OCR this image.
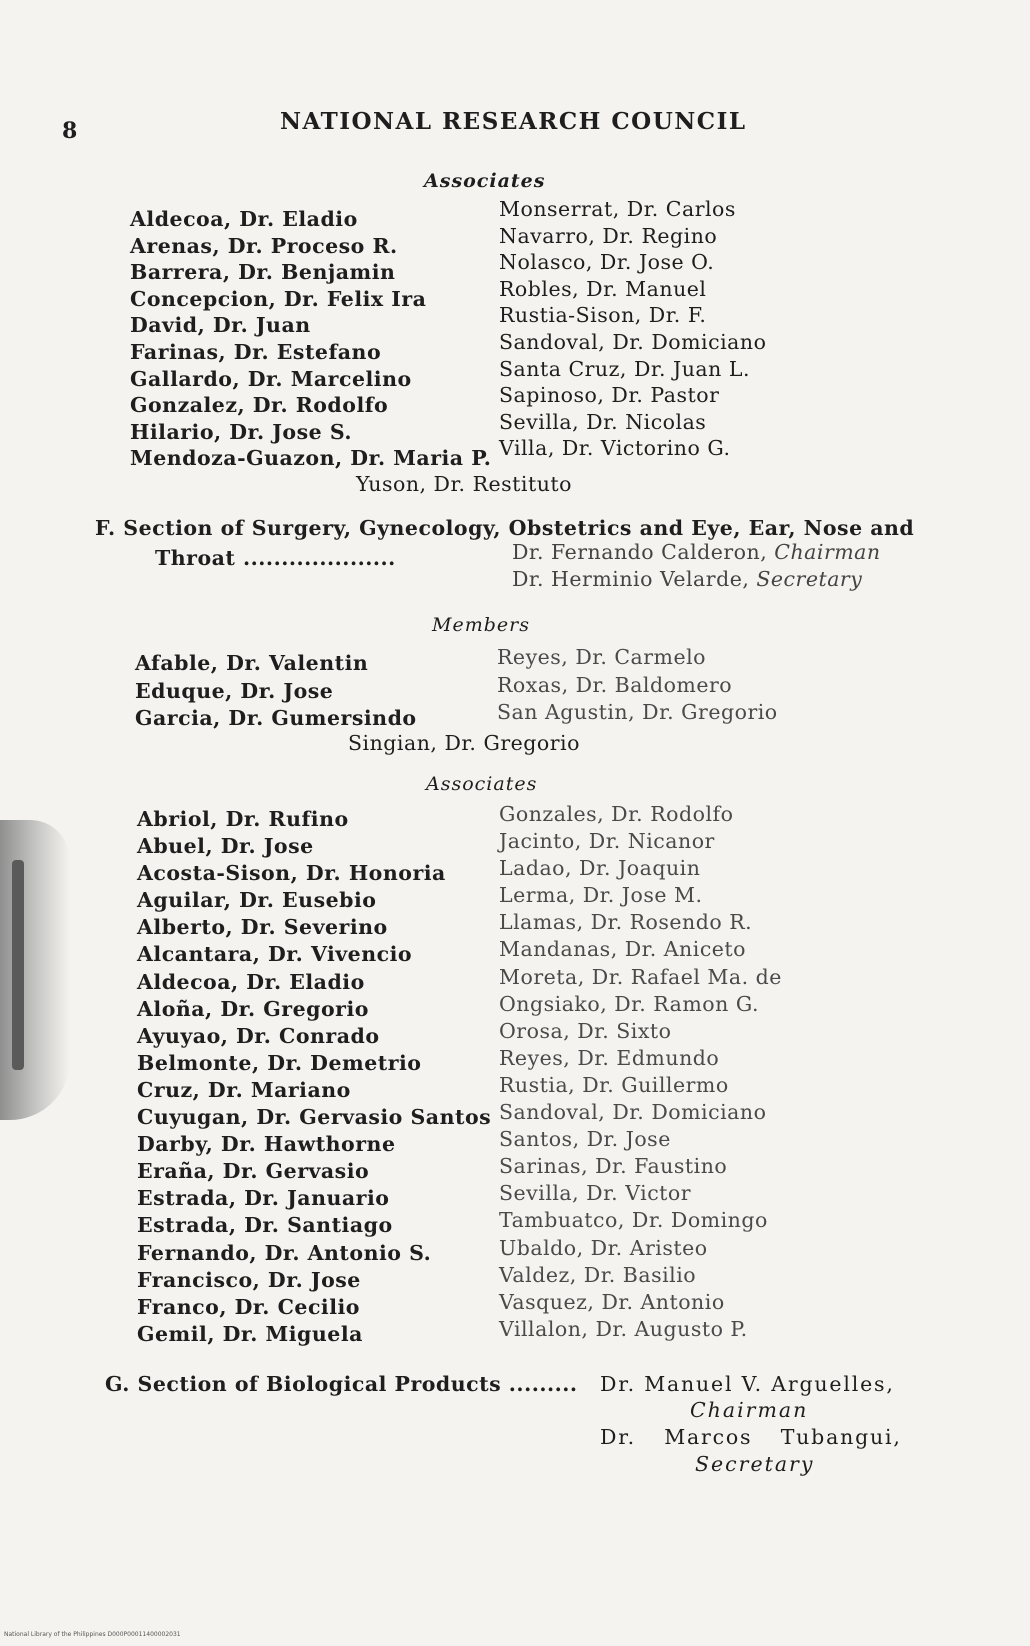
8	NATIONAL RESEARCH COUNCIL
Associates
Aldecoa, Dr. Eladio
Arenas, Dr. Proceso R.
Barrera, Dr. Benjamin
Concepcion, Dr. Felix Ira
David, Dr. Juan
Farinas, Dr. Estefano
Gallardo, Dr. Marcelino
Gonzalez, Dr. Rodolfo
Hilario, Dr. Jose S.
Mendoza-Guazon, Dr. Maria P.
Monserrat, Dr. Carlos
Navarro, Dr. Regino
Nolasco, Dr. Jose O.
Robles, Dr. Manuel
Rustia-Sison, Dr. F.
Sandoval, Dr. Domiciano
Santa Cruz, Dr. Juan L.
Sapinoso, Dr. Pastor
Sevilla, Dr. Nicolas
Villa, Dr. Victorino G.
Yuson, Dr. Restituto
F. Section of Surgery, Gynecology, Obstetrics and Eye, Ear, Nose and
Throat ....................	Dr. Fernando Calderon, Chairman
Dr. Herminio Velarde, Secretary
Members
Afable, Dr. Valentin
Eduque, Dr. Jose
Garcia, Dr. Gumersindo
Reyes, Dr. Carmelo
Roxas, Dr. Baldomero
San Agustin, Dr. Gregorio
Singian, Dr. Gregorio
Associates
Abriol, Dr. Rufino
Abuel, Dr. Jose
Acosta-Sison, Dr. Honoria
Aguilar, Dr. Eusebio
Alberto, Dr. Severino
Alcantara, Dr. Vivencio
Aldecoa, Dr. Eladio
Aloña, Dr. Gregorio
Ayuyao, Dr. Conrado
Belmonte, Dr. Demetrio
Cruz, Dr. Mariano
Cuyugan, Dr. Gervasio Santos
Darby, Dr. Hawthorne
Eraña, Dr. Gervasio
Estrada, Dr. Januario
Estrada, Dr. Santiago
Fernando, Dr. Antonio S.
Francisco, Dr. Jose
Franco, Dr. Cecilio
Gemil, Dr. Miguela
Gonzales, Dr. Rodolfo
Jacinto, Dr. Nicanor
Ladao, Dr. Joaquin
Lerma, Dr. Jose M.
Llamas, Dr. Rosendo R.
Mandanas, Dr. Aniceto
Moreta, Dr. Rafael Ma. de
Ongsiako, Dr. Ramon G.
Orosa, Dr. Sixto
Reyes, Dr. Edmundo
Rustia, Dr. Guillermo
Sandoval, Dr. Domiciano
Santos, Dr. Jose
Sarinas, Dr. Faustino
Sevilla, Dr. Victor
Tambuatco, Dr. Domingo
Ubaldo, Dr. Aristeo
Valdez, Dr. Basilio
Vasquez, Dr. Antonio
Villalon, Dr. Augusto P.
G. Section of Biological Products ......... Dr. Manuel V. Arguelles,
Chairman
Dr. Marcos Tubangui,
Secretary
National Library of the Philippines D000P00011400002031
